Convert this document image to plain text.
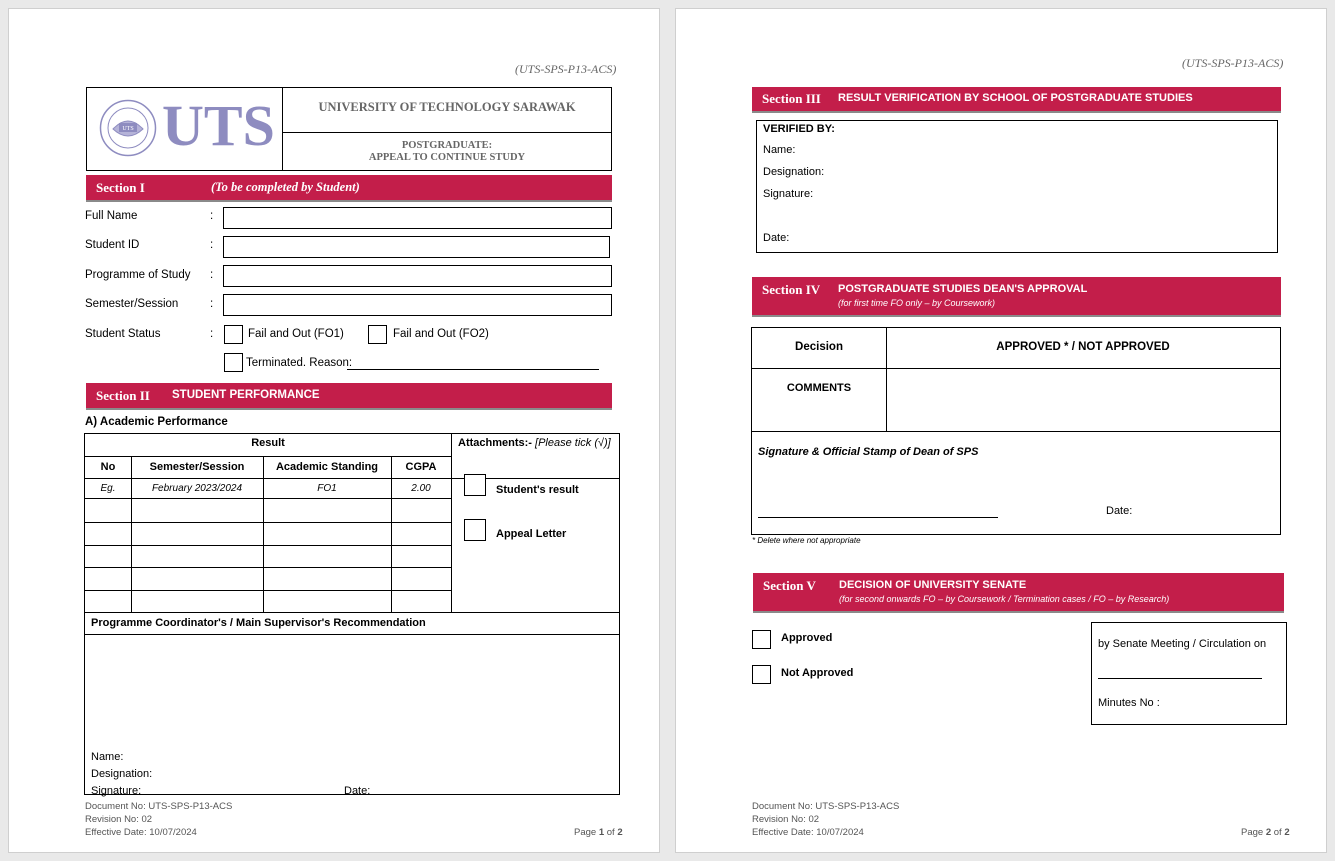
(UTS-SPS-P13-ACS)
UTS UTS	UNIVERSITY OF TECHNOLOGY SARAWAK
POSTGRADUATE:
APPEAL TO CONTINUE STUDY
Section I	(To be completed by Student)
Full Name	:
Student ID	:
Programme of Study :
Semester/Session	:
Student Status	:	Fail and Out (FO1)	Fail and Out (FO2)
Terminated. Reason:
Section II STUDENT PERFORMANCE
A) Academic Performance
Result	Attachments:- [Please tick (√)]
No	Semester/Session	Academic Standing	CGPA
Eg.	February 2023/2024	FO1	2.00	Student's result
Appeal Letter
Programme Coordinator's / Main Supervisor's Recommendation
Name:
Designation:
Signature:	Date:
Document No: UTS-SPS-P13-ACS
Revision No: 02
Effective Date: 10/07/2024	Page 1 of 2
(UTS-SPS-P13-ACS)
Section III RESULT VERIFICATION BY SCHOOL OF POSTGRADUATE STUDIES
VERIFIED BY:
Name:
Designation:
Signature:
Date:
Section IV POSTGRADUATE STUDIES DEAN'S APPROVAL
(for first time FO only – by Coursework)
Decision	APPROVED * / NOT APPROVED
COMMENTS
Signature & Official Stamp of Dean of SPS
Date:
* Delete where not appropriate
Section V DECISION OF UNIVERSITY SENATE
(for second onwards FO – by Coursework / Termination cases / FO – by Research)
Approved
Not Approved
by Senate Meeting / Circulation on
Minutes No :
Document No: UTS-SPS-P13-ACS
Revision No: 02
Effective Date: 10/07/2024	Page 2 of 2
